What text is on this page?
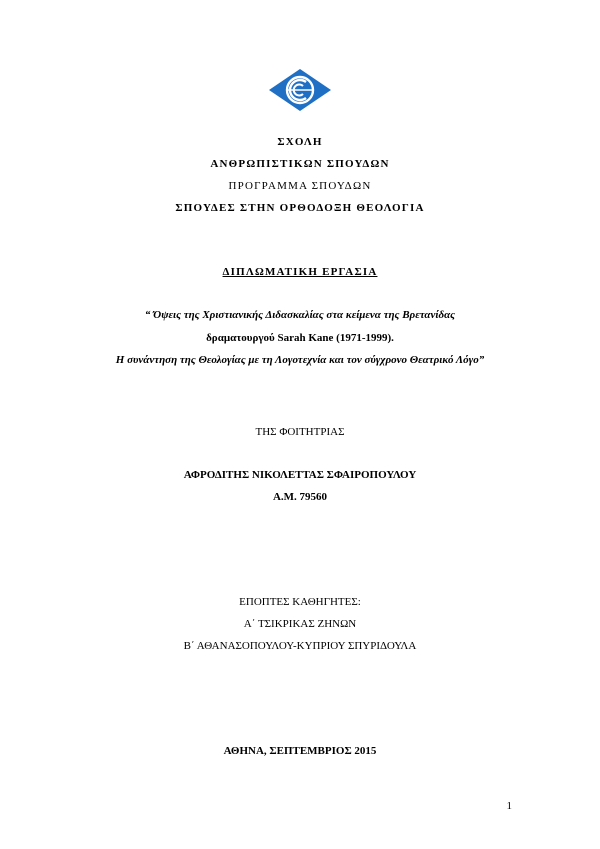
ΣΧΟΛΗ
ΑΝΘΡΩΠΙΣΤΙΚΩΝ ΣΠΟΥΔΩΝ
ΠΡΟΓΡΑΜΜΑ ΣΠΟΥΔΩΝ
ΣΠΟΥΔΕΣ ΣΤΗΝ ΟΡΘΟΔΟΞΗ ΘΕΟΛΟΓΙΑ
ΔΙΠΛΩΜΑΤΙΚΗ ΕΡΓΑΣΙΑ
“ Όψεις της Χριστιανικής Διδασκαλίας στα κείμενα της Βρετανίδας
δραματουργού Sarah Kane (1971-1999).
Η συνάντηση της Θεολογίας με τη Λογοτεχνία και τον σύγχρονο Θεατρικό Λόγο”
ΤΗΣ ΦΟΙΤΗΤΡΙΑΣ
ΑΦΡΟΔΙΤΗΣ ΝΙΚΟΛΕΤΤΑΣ ΣΦΑΙΡΟΠΟΥΛΟΥ
Α.Μ. 79560
ΕΠΟΠΤΕΣ ΚΑΘΗΓΗΤΕΣ:
Α΄ ΤΣΙΚΡΙΚΑΣ ΖΗΝΩΝ
Β΄ ΑΘΑΝΑΣΟΠΟΥΛΟΥ-ΚΥΠΡΙΟΥ ΣΠΥΡΙΔΟΥΛΑ
ΑΘΗΝΑ, ΣΕΠΤΕΜΒΡΙΟΣ 2015
1
